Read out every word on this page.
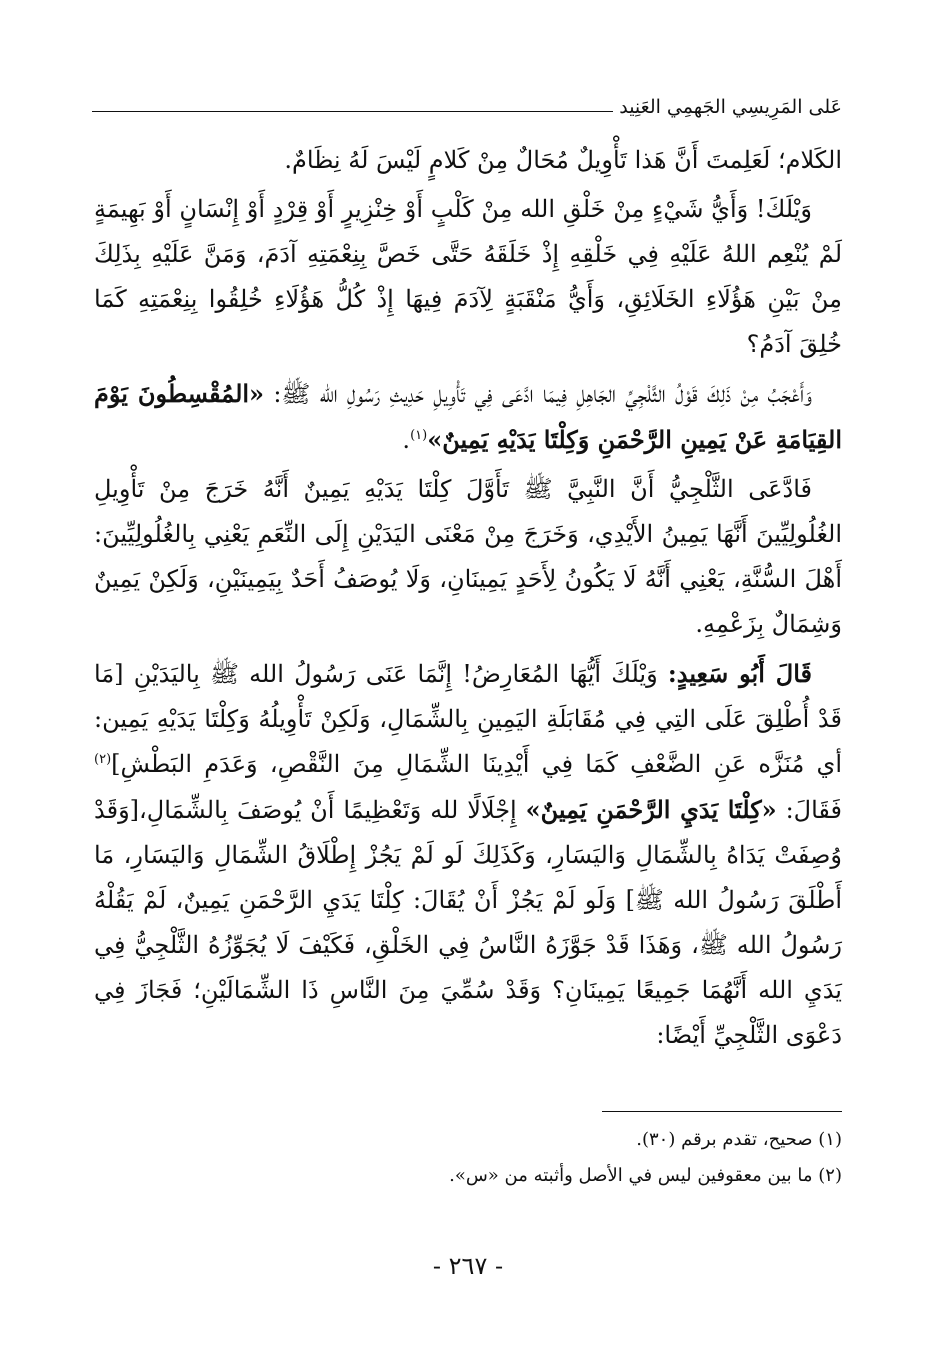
عَلى المَرِيسِي الجَهمِي العَنِيد

الكَلام؛ لَعَلِمتَ أَنَّ هَذا تَأْوِيلٌ مُحَالٌ مِنْ كَلامٍ لَيْسَ لَهُ نِظَامٌ.

وَيْلَكَ! وَأَيُّ شَيْءٍ مِنْ خَلْقِ الله مِنْ كَلْبٍ أَوْ خِنْزِيرٍ أَوْ قِرْدٍ أَوْ إِنْسَانٍ أَوْ بَهِيمَةٍ لَمْ يُنْعِم اللهُ عَلَيْهِ فِي خَلْقِهِ إِذْ خَلَقَهُ حَتَّى خَصَّ بِنِعْمَتِهِ آدَمَ، وَمَنَّ عَلَيْهِ بِذَلِكَ مِنْ بَيْنِ هَؤُلَاءِ الخَلَائِقِ، وَأَيُّ مَنْقَبَةٍ لِآدَمَ فِيهَا إِذْ كُلُّ هَؤُلَاءِ خُلِقُوا بِنِعْمَتِهِ كَمَا خُلِقَ آدَمُ؟

وَأَعْجَبُ مِنْ ذَلِكَ قَوْلُ الثَّلْجِيِّ الجَاهِلِ فِيمَا ادَّعَى فِي تَأْوِيلِ حَدِيثِ رَسُولِ الله ﷺ: «المُقْسِطُونَ يَوْمَ القِيَامَةِ عَنْ يَمِينِ الرَّحْمَنِ وَكِلْتَا يَدَيْهِ يَمِينٌ»$^{(١)}$.

فَادَّعَى الثَّلْجِيُّ أَنَّ النَّبِيَّ ﷺ تَأَوَّلَ كِلْتَا يَدَيْهِ يَمِينٌ أَنَّهُ خَرَجَ مِنْ تَأْوِيلِ الغُلُولِيِّينَ أَنَّهَا يَمِينُ الأَيْدِي، وَخَرَجَ مِنْ مَعْنَى اليَدَيْنِ إِلَى النِّعَمِ يَعْنِي بِالغُلُولِيِّينَ: أَهْلَ السُّنَّةِ، يَعْنِي أَنَّهُ لَا يَكُونُ لِأَحَدٍ يَمِينَانِ، وَلَا يُوصَفُ أَحَدٌ بِيَمِينَيْنِ، وَلَكِنْ يَمِينٌ وَشِمَالٌ بِزَعْمِهِ.

قَالَ أَبُو سَعِيدٍ: وَيْلَكَ أَيُّهَا المُعَارِضُ! إِنَّمَا عَنَى رَسُولُ الله ﷺ بِاليَدَيْنِ [مَا قَدْ أُطْلِقَ عَلَى التِي فِي مُقَابَلَةِ اليَمِينِ بِالشِّمَالِ، وَلَكِنْ تَأْوِيلُهُ وَكِلْتَا يَدَيْهِ يَمِين: أي مُنَزَّه عَنِ الضَّعْفِ كَمَا فِي أَيْدِينَا الشِّمَالِ مِنَ النَّقْصِ، وَعَدَمِ البَطْشِ]$^{(٢)}$ فَقَالَ: «كِلْتَا يَدَيِ الرَّحْمَنِ يَمِينٌ» إِجْلَالًا لله وَتَعْظِيمًا أَنْ يُوصَفَ بِالشِّمَالِ،[وَقَدْ وُصِفَتْ يَدَاهُ بِالشِّمَالِ وَاليَسَارِ، وَكَذَلِكَ لَو لَمْ يَجُزْ إِطْلَاقُ الشِّمَالِ وَاليَسَارِ، مَا أَطْلَقَ رَسُولُ الله ﷺ] وَلَو لَمْ يَجُزْ أَنْ يُقَالَ: كِلْتَا يَدَيِ الرَّحْمَنِ يَمِينٌ، لَمْ يَقُلْهُ رَسُولُ الله ﷺ، وَهَذَا قَدْ جَوَّزَهُ النَّاسُ فِي الخَلْقِ، فَكَيْفَ لَا يُجَوِّزُهُ الثَّلْجِيُّ فِي يَدَيِ الله أَنَّهُمَا جَمِيعًا يَمِينَانِ؟ وَقَدْ سُمِّيَ مِنَ النَّاسِ ذَا الشِّمَالَيْنِ؛ فَجَازَ فِي دَعْوَى الثَّلْجِيِّ أَيْضًا:

(١) صحيح، تقدم برقم (٣٠).
(٢) ما بين معقوفين ليس في الأصل وأثبته من «س».
- ٢٦٧ -
